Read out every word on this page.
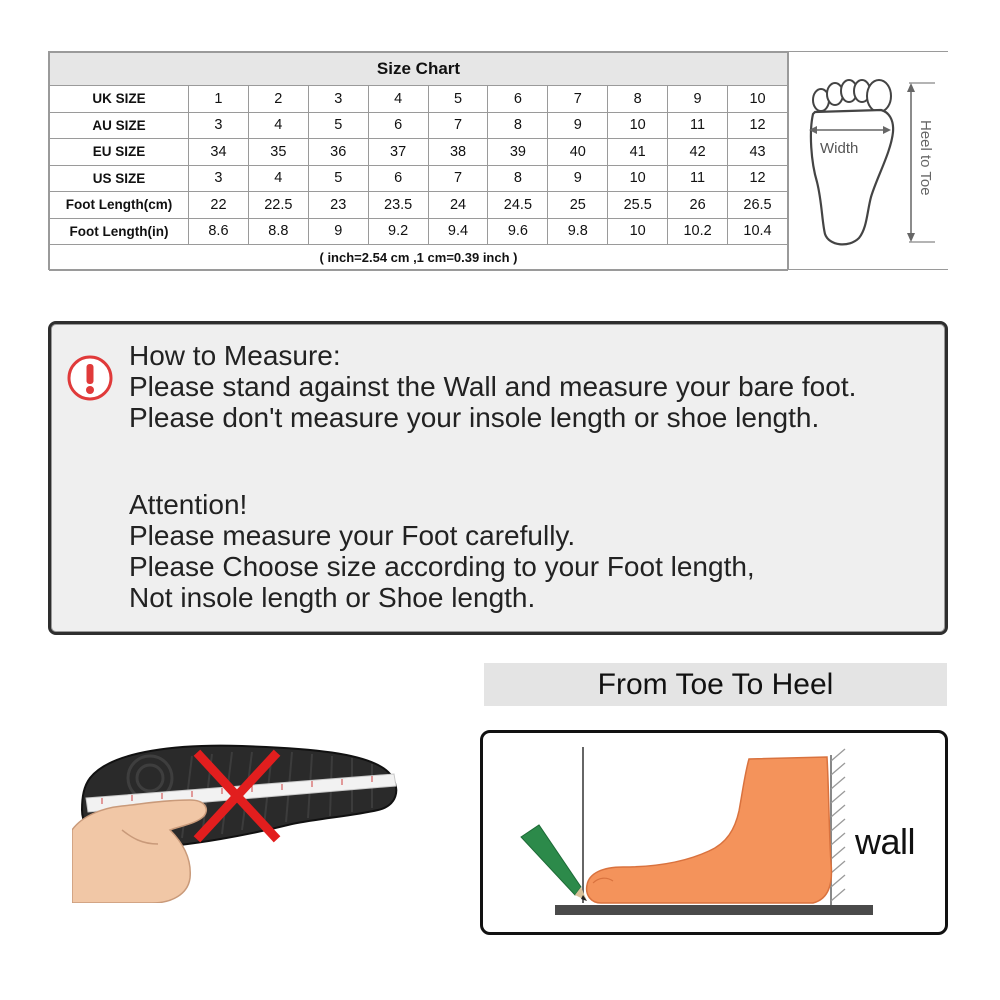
Size Chart										
UK SIZE	1	2	3	4	5	6	7	8	9	10
AU SIZE	3	4	5	6	7	8	9	10	11	12
EU SIZE	34	35	36	37	38	39	40	41	42	43
US SIZE	3	4	5	6	7	8	9	10	11	12
Foot Length(cm)	22	22.5	23	23.5	24	24.5	25	25.5	26	26.5
Foot Length(in)	8.6	8.8	9	9.2	9.4	9.6	9.8	10	10.2	10.4
( inch=2.54 cm ,1 cm=0.39 inch )										
Width	Heel to Toe
How to Measure:
Please stand against the Wall and measure your bare foot.
Please don't measure your insole length or shoe length.
Attention!
Please measure your Foot carefully.
Please Choose size according to your Foot length,
Not insole length or Shoe length.
From Toe To Heel
wall
